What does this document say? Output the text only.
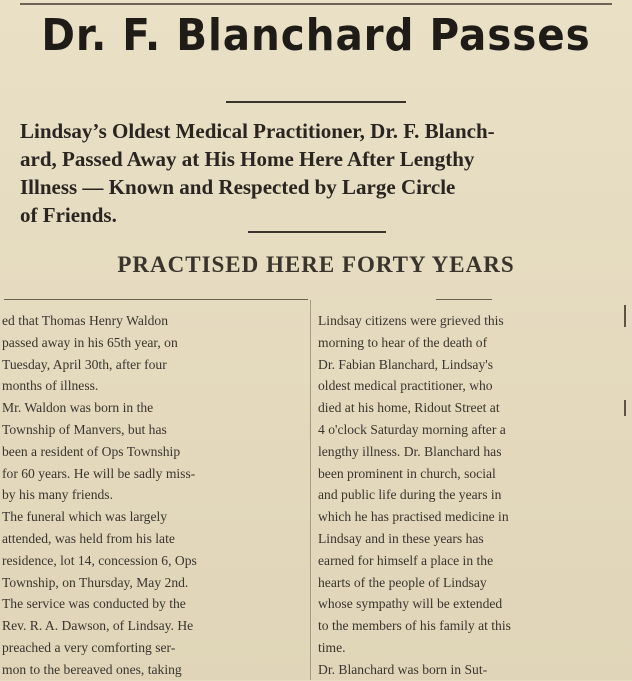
Dr. F. Blanchard Passes

Lindsay’s Oldest Medical Practitioner, Dr. F. Blanch-

ard, Passed Away at His Home Here After Lengthy

Illness — Known and Respected by Large Circle

of Friends.

PRACTISED HERE FORTY YEARS
ed that Thomas Henry Waldon
passed away in his 65th year, on
Tuesday, April 30th, after four
months of illness.
Mr. Waldon was born in the
Township of Manvers, but has
been a resident of Ops Township
for 60 years. He will be sadly miss-
by his many friends.
The funeral which was largely
attended, was held from his late
residence, lot 14, concession 6, Ops
Township, on Thursday, May 2nd.
The service was conducted by the
Rev. R. A. Dawson, of Lindsay. He
preached a very comforting ser-
mon to the bereaved ones, taking
Lindsay citizens were grieved this
morning to hear of the death of
Dr. Fabian Blanchard, Lindsay's
oldest medical practitioner, who
died at his home, Ridout Street at
4 o'clock Saturday morning after a
lengthy illness. Dr. Blanchard has
been prominent in church, social
and public life during the years in
which he has practised medicine in
Lindsay and in these years has
earned for himself a place in the
hearts of the people of Lindsay
whose sympathy will be extended
to the members of his family at this
time.
Dr. Blanchard was born in Sut-
